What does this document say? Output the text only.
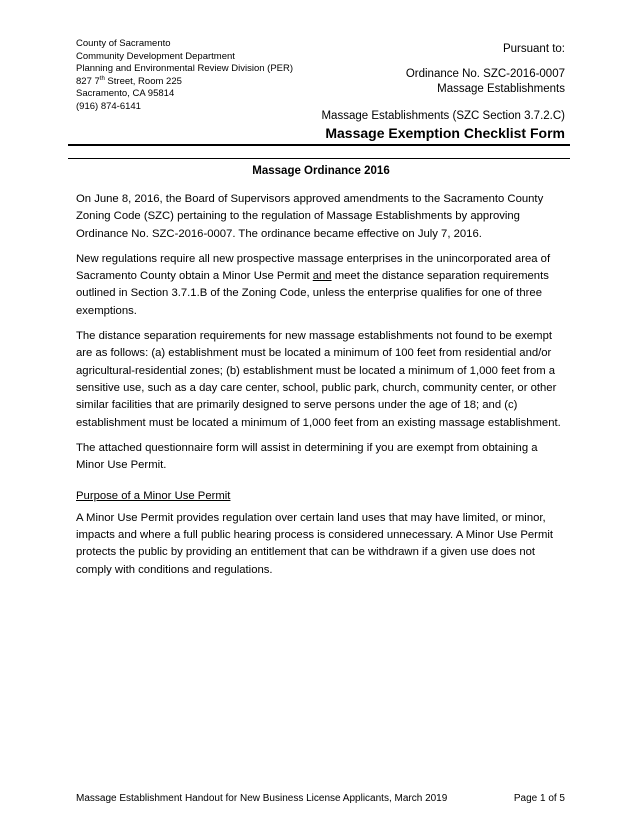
County of Sacramento
Community Development Department
Planning and Environmental Review Division (PER)
827 7th Street, Room 225
Sacramento, CA 95814
(916) 874-6141
Pursuant to:
Ordinance No. SZC-2016-0007
Massage Establishments
Massage Establishments (SZC Section 3.7.2.C)
Massage Exemption Checklist Form
Massage Ordinance 2016

On June 8, 2016, the Board of Supervisors approved amendments to the Sacramento County Zoning Code (SZC) pertaining to the regulation of Massage Establishments by approving Ordinance No. SZC-2016-0007. The ordinance became effective on July 7, 2016.

New regulations require all new prospective massage enterprises in the unincorporated area of Sacramento County obtain a Minor Use Permit and meet the distance separation requirements outlined in Section 3.7.1.B of the Zoning Code, unless the enterprise qualifies for one of three exemptions.

The distance separation requirements for new massage establishments not found to be exempt are as follows: (a) establishment must be located a minimum of 100 feet from residential and/or agricultural-residential zones; (b) establishment must be located a minimum of 1,000 feet from a sensitive use, such as a day care center, school, public park, church, community center, or other similar facilities that are primarily designed to serve persons under the age of 18; and (c) establishment must be located a minimum of 1,000 feet from an existing massage establishment.

The attached questionnaire form will assist in determining if you are exempt from obtaining a Minor Use Permit.

Purpose of a Minor Use Permit

A Minor Use Permit provides regulation over certain land uses that may have limited, or minor, impacts and where a full public hearing process is considered unnecessary. A Minor Use Permit protects the public by providing an entitlement that can be withdrawn if a given use does not comply with conditions and regulations.

Massage Establishment Handout for New Business License Applicants, March 2019	Page 1 of 5
